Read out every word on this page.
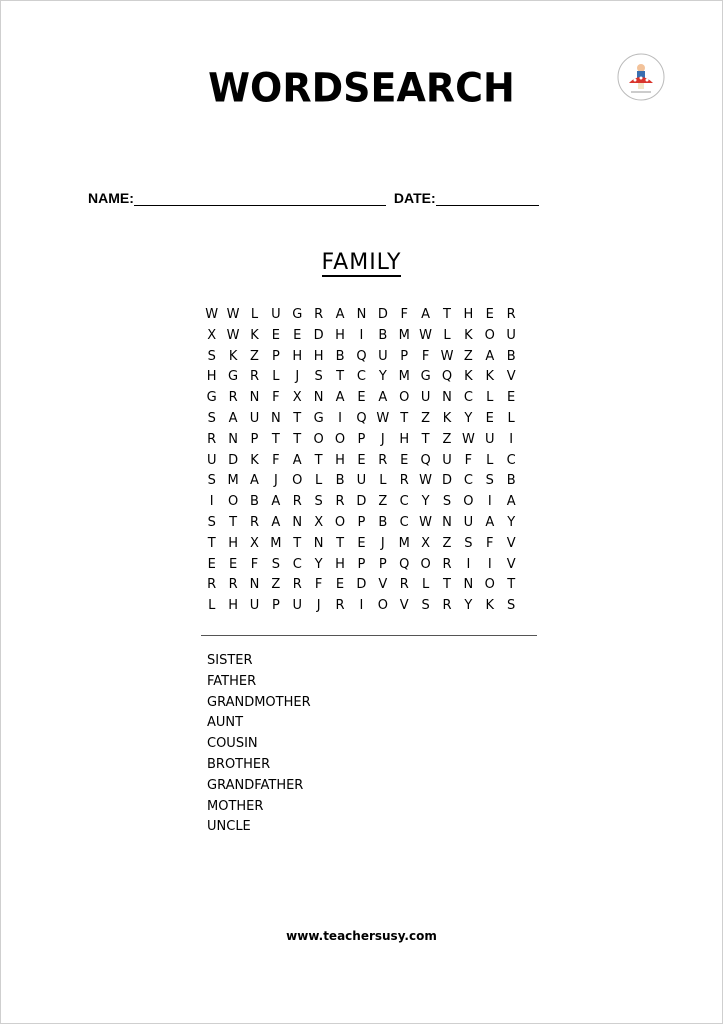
WORDSEARCH
NAME:	DATE:
FAMILY
W W L	U G R A N D F	A T H E R
X W K	E	E D H	I	B M W L	K O U
S K Z	P H H B Q U P	F W Z A B
H G R	L	J	S	T C Y M G Q K K V
G R N F	X N A E A O U N C	L	E
S A U N T G	I	Q W T Z K	Y	E	L
R N P	T	T O O P	J	H T Z W U	I
U D K	F	A T H E R E Q U F	L	C
S M A	J	O L	B U	L	R W D C S B
I	O B A R S R D Z C Y	S O	I	A
S	T R A N X O P	B C W N U A Y
T H X M T N T	E	J	M X Z S	F	V
E	E	F	S C Y H P	P Q O R	I	I	V
R R N Z R	F	E D V R	L	T N O T
L H U P U	J	R	I	O V S R Y	K	S
SISTER
FATHER
GRANDMOTHER
AUNT
COUSIN
BROTHER
GRANDFATHER
MOTHER
UNCLE
www.teachersusy.com
